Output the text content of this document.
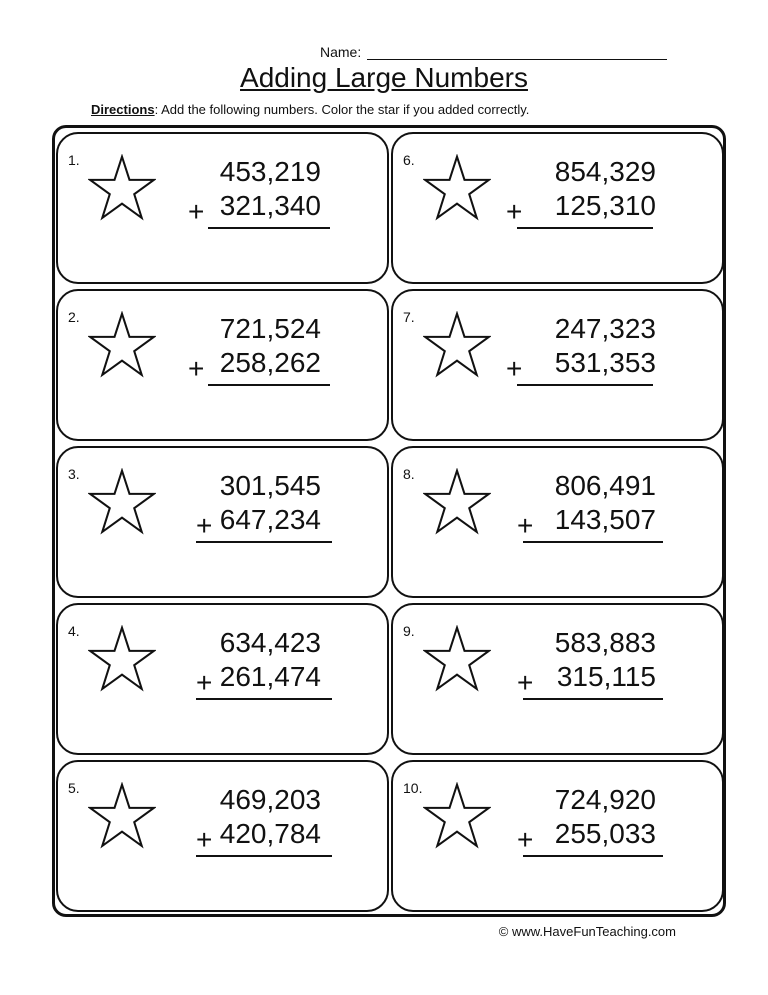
Name:
Adding Large Numbers
Directions: Add the following numbers. Color the star if you added correctly.
1.	453,219
+ 321,340
2.	721,524
+ 258,262
3.	301,545
+ 647,234
4.	634,423
+ 261,474
5.	469,203
+ 420,784
6.	854,329
+ 125,310
7.	247,323
+ 531,353
8.	806,491
+ 143,507
9.	583,883
+ 315,115
10.	724,920
+ 255,033
© www.HaveFunTeaching.com
